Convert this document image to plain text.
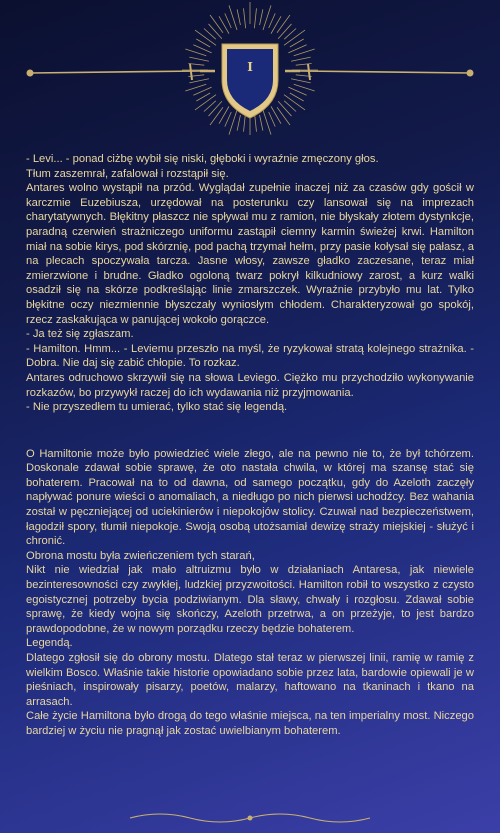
I

- Levi... - ponad ciżbę wybił się niski, głęboki i wyraźnie zmęczony głos.

Tłum zaszemrał, zafalował i rozstąpił się.

Antares wolno wystąpił na przód. Wyglądał zupełnie inaczej niż za czasów gdy gościł w karczmie Euzebiusza, urzędował na posterunku czy lansował się na imprezach charytatywnych. Błękitny płaszcz nie spływał mu z ramion, nie błyskały złotem dystynkcje, paradną czerwień strażniczego uniformu zastąpił ciemny karmin świeżej krwi. Hamilton miał na sobie kirys, pod skórznię, pod pachą trzymał hełm, przy pasie kołysał się pałasz, a na plecach spoczywała tarcza. Jasne włosy, zawsze gładko zaczesane, teraz miał zmierzwione i brudne. Gładko ogoloną twarz pokrył kilkudniowy zarost, a kurz walki osadził się na skórze podkreślając linie zmarszczek. Wyraźnie przybyło mu lat. Tylko błękitne oczy niezmiennie błyszczały wyniosłym chłodem. Charakteryzował go spokój, rzecz zaskakująca w panującej wokoło gorączce.

- Ja też się zgłaszam.

- Hamilton. Hmm... - Leviemu przeszło na myśl, że ryzykował stratą kolejnego strażnika. - Dobra. Nie daj się zabić chłopie. To rozkaz.

Antares odruchowo skrzywił się na słowa Leviego. Ciężko mu przychodziło wykonywanie rozkazów, bo przywykł raczej do ich wydawania niż przyjmowania.

- Nie przyszedłem tu umierać, tylko stać się legendą.

O Hamiltonie może było powiedzieć wiele złego, ale na pewno nie to, że był tchórzem. Doskonale zdawał sobie sprawę, że oto nastała chwila, w której ma szansę stać się bohaterem. Pracował na to od dawna, od samego początku, gdy do Azeloth zaczęły napływać ponure wieści o anomaliach, a niedługo po nich pierwsi uchodźcy. Bez wahania został w pęczniejącej od uciekinierów i niepokojów stolicy. Czuwał nad bezpieczeństwem, łagodził spory, tłumił niepokoje. Swoją osobą utożsamiał dewizę straży miejskiej - służyć i chronić.

Obrona mostu była zwieńczeniem tych starań,

Nikt nie wiedział jak mało altruizmu było w działaniach Antaresa, jak niewiele bezinteresowności czy zwykłej, ludzkiej przyzwoitości. Hamilton robił to wszystko z czysto egoistycznej potrzeby bycia podziwianym. Dla sławy, chwały i rozgłosu. Zdawał sobie sprawę, że kiedy wojna się skończy, Azeloth przetrwa, a on przeżyje, to jest bardzo prawdopodobne, że w nowym porządku rzeczy będzie bohaterem.

Legendą.

Dlatego zgłosił się do obrony mostu. Dlatego stał teraz w pierwszej linii, ramię w ramię z wielkim Bosco. Właśnie takie historie opowiadano sobie przez lata, bardowie opiewali je w pieśniach, inspirowały pisarzy, poetów, malarzy, haftowano na tkaninach i tkano na arrasach.

Całe życie Hamiltona było drogą do tego właśnie miejsca, na ten imperialny most. Niczego bardziej w życiu nie pragnął jak zostać uwielbianym bohaterem.
